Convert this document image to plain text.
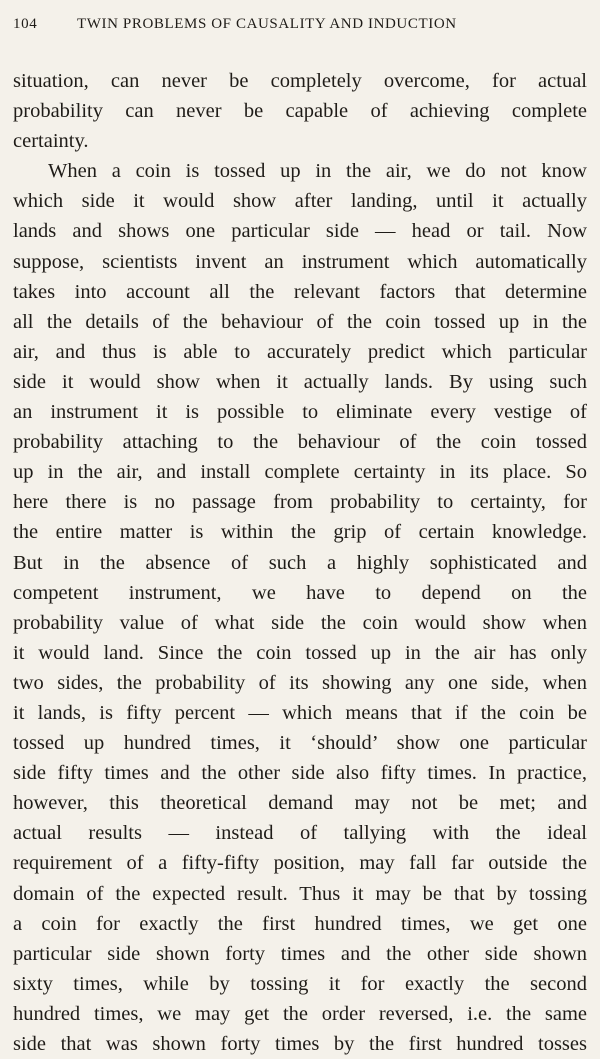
104	TWIN PROBLEMS OF CAUSALITY AND INDUCTION
situation, can never be completely overcome, for actual
probability can never be capable of achieving complete
certainty.
When a coin is tossed up in the air, we do not know
which side it would show after landing, until it actually
lands and shows one particular side — head or tail. Now
suppose, scientists invent an instrument which automatically
takes into account all the relevant factors that determine
all the details of the behaviour of the coin tossed up in the
air, and thus is able to accurately predict which particular
side it would show when it actually lands. By using such
an instrument it is possible to eliminate every vestige of
probability attaching to the behaviour of the coin tossed
up in the air, and install complete certainty in its place. So
here there is no passage from probability to certainty, for
the entire matter is within the grip of certain knowledge.
But in the absence of such a highly sophisticated and
competent instrument, we have to depend on the
probability value of what side the coin would show when
it would land. Since the coin tossed up in the air has only
two sides, the probability of its showing any one side, when
it lands, is fifty percent — which means that if the coin be
tossed up hundred times, it ‘should’ show one particular
side fifty times and the other side also fifty times. In practice,
however, this theoretical demand may not be met; and
actual results — instead of tallying with the ideal
requirement of a fifty-fifty position, may fall far outside the
domain of the expected result. Thus it may be that by tossing
a coin for exactly the first hundred times, we get one
particular side shown forty times and the other side shown
sixty times, while by tossing it for exactly the second
hundred times, we may get the order reversed, i.e. the same
side that was shown forty times by the first hundred tosses
